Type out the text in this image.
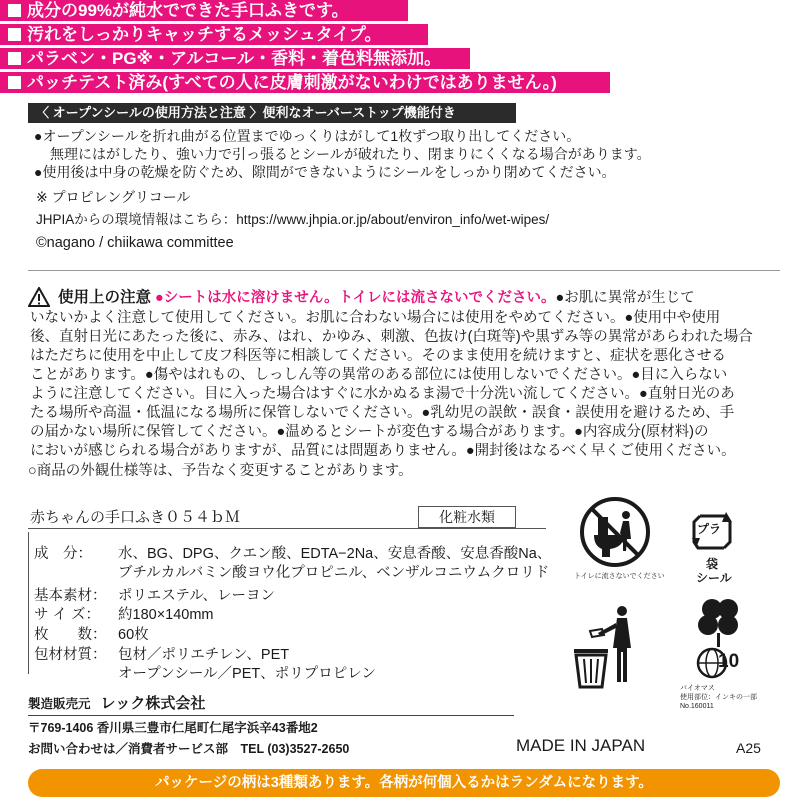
成分の99%が純水でできた手口ふきです。
汚れをしっかりキャッチするメッシュタイプ。
パラベン・PG※・アルコール・香料・着色料無添加。
パッチテスト済み(すべての人に皮膚刺激がないわけではありません。)
〈 オープンシールの使用方法と注意 〉便利なオーバーストップ機能付き
●オープンシールを折れ曲がる位置までゆっくりはがして1枚ずつ取り出してください。
無理にはがしたり、強い力で引っ張るとシールが破れたり、閉まりにくくなる場合があります。
●使用後は中身の乾燥を防ぐため、隙間ができないようにシールをしっかり閉めてください。
※ プロピレングリコール
JHPIAからの環境情報はこちら：https://www.jhpia.or.jp/about/environ_info/wet-wipes/
©nagano / chiikawa committee
使用上の注意 ●シートは水に溶けません。トイレには流さないでください。●お肌に異常が生じて
いないかよく注意して使用してください。お肌に合わない場合には使用をやめてください。●使用中や使用
後、直射日光にあたった後に、赤み、はれ、かゆみ、刺激、色抜け(白斑等)や黒ずみ等の異常があらわれた場合
はただちに使用を中止して皮フ科医等に相談してください。そのまま使用を続けますと、症状を悪化させる
ことがあります。●傷やはれもの、しっしん等の異常のある部位には使用しないでください。●目に入らない
ように注意してください。目に入った場合はすぐに水かぬるま湯で十分洗い流してください。●直射日光のあ
たる場所や高温・低温になる場所に保管しないでください。●乳幼児の誤飲・誤食・誤使用を避けるため、手
の届かない場所に保管してください。●温めるとシートが変色する場合があります。●内容成分(原材料)の
においが感じられる場合がありますが、品質には問題ありません。●開封後はなるべく早くご使用ください。
○商品の外観仕様等は、予告なく変更することがあります。
赤ちゃんの手口ふき０５４ｂＭ	化粧水類
成　分： 水、BG、DPG、クエン酸、EDTA−2Na、安息香酸、安息香酸Na、
ブチルカルバミン酸ヨウ化プロピニル、ベンザルコニウムクロリド
基本素材： ポリエステル、レーヨン
サ イ ズ： 約180×140mm
枚　　数： 60枚
包材材質： 包材／ポリエチレン、PET
オープンシール／PET、ポリプロピレン
トイレに流さないでください
プラ
袋
シール
10
バイオマス
使用部位：インキの一部
No.160011
製造販売元 レック株式会社
〒769-1406 香川県三豊市仁尾町仁尾字浜辛43番地2
お問い合わせは／消費者サービス部　TEL (03)3527-2650	MADE IN JAPAN	A25
パッケージの柄は3種類あります。各柄が何個入るかはランダムになります。
